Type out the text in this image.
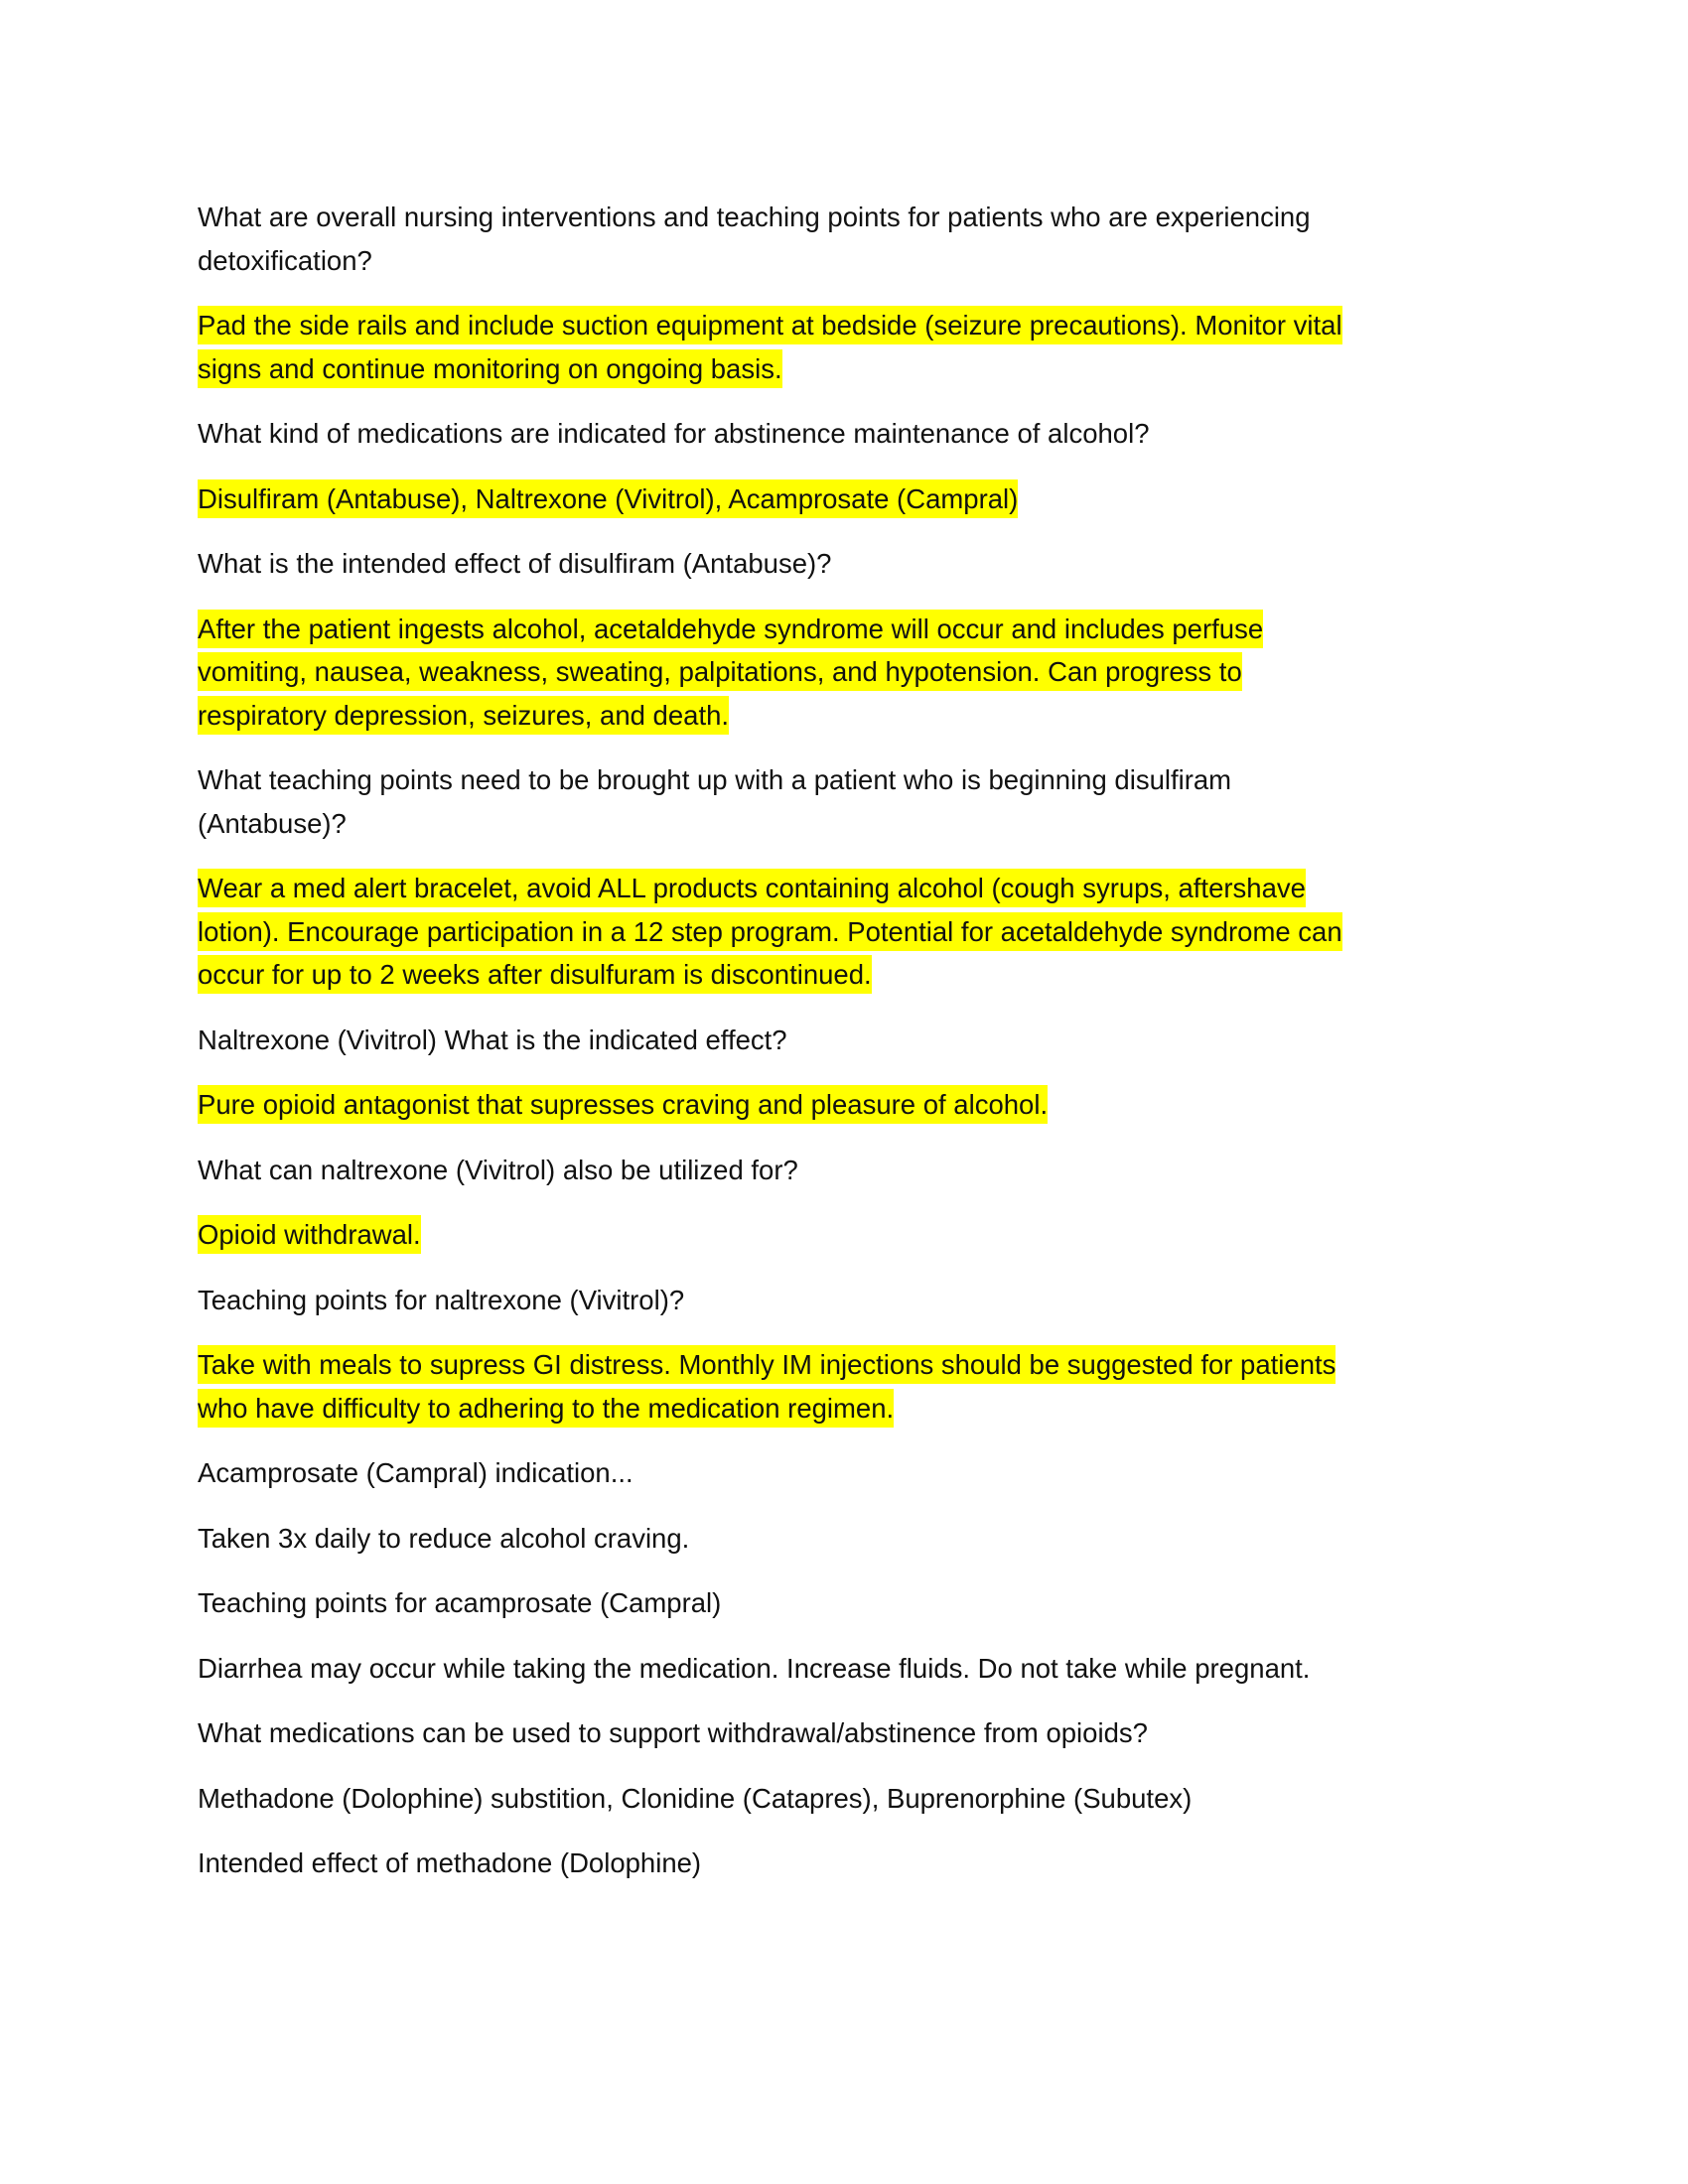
What are overall nursing interventions and teaching points for patients who are experiencing
detoxification?
Pad the side rails and include suction equipment at bedside (seizure precautions). Monitor vital
signs and continue monitoring on ongoing basis.
What kind of medications are indicated for abstinence maintenance of alcohol?
Disulfiram (Antabuse), Naltrexone (Vivitrol), Acamprosate (Campral)
What is the intended effect of disulfiram (Antabuse)?
After the patient ingests alcohol, acetaldehyde syndrome will occur and includes perfuse
vomiting, nausea, weakness, sweating, palpitations, and hypotension. Can progress to
respiratory depression, seizures, and death.
What teaching points need to be brought up with a patient who is beginning disulfiram
(Antabuse)?
Wear a med alert bracelet, avoid ALL products containing alcohol (cough syrups, aftershave
lotion). Encourage participation in a 12 step program. Potential for acetaldehyde syndrome can
occur for up to 2 weeks after disulfuram is discontinued.
Naltrexone (Vivitrol) What is the indicated effect?
Pure opioid antagonist that supresses craving and pleasure of alcohol.
What can naltrexone (Vivitrol) also be utilized for?
Opioid withdrawal.
Teaching points for naltrexone (Vivitrol)?
Take with meals to supress GI distress. Monthly IM injections should be suggested for patients
who have difficulty to adhering to the medication regimen.
Acamprosate (Campral) indication...
Taken 3x daily to reduce alcohol craving.
Teaching points for acamprosate (Campral)
Diarrhea may occur while taking the medication. Increase fluids. Do not take while pregnant.
What medications can be used to support withdrawal/abstinence from opioids?
Methadone (Dolophine) substition, Clonidine (Catapres), Buprenorphine (Subutex)
Intended effect of methadone (Dolophine)
